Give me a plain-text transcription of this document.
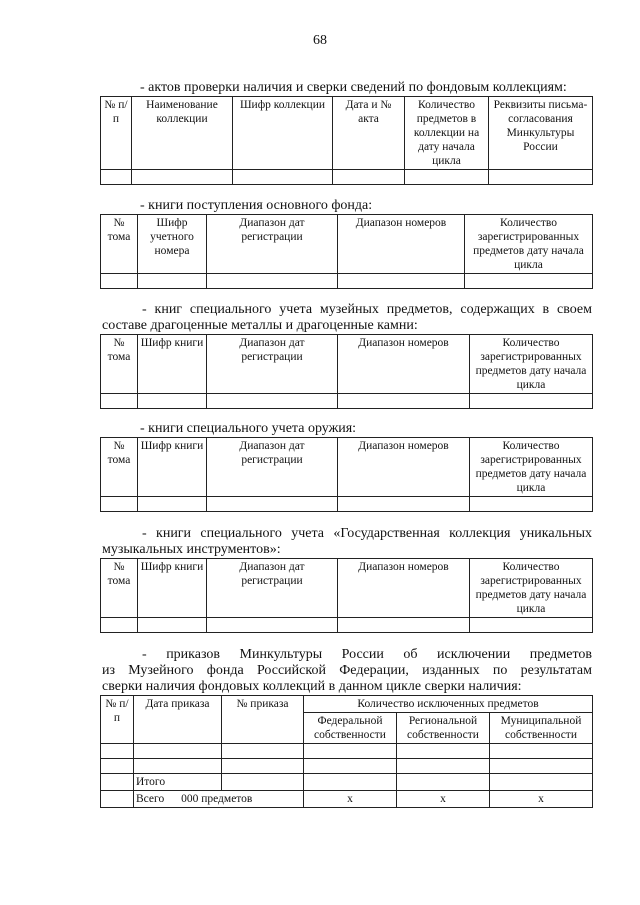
68
- актов проверки наличия и сверки сведений по фондовым коллекциям:
№ п/п	Наименование коллекции	Шифр коллекции	Дата и № акта	Количество предметов в коллекции на дату начала цикла	Реквизиты письма-согласования Минкультуры России

- книги поступления основного фонда:
№ тома	Шифр учетного номера	Диапазон дат регистрации	Диапазон номеров	Количество зарегистрированных предметов дату начала цикла

- книг специального учета музейных предметов, содержащих в своем
составе драгоценные металлы и драгоценные камни:
№ тома	Шифр книги	Диапазон дат регистрации	Диапазон номеров	Количество зарегистрированных предметов дату начала цикла

- книги специального учета оружия:
№ тома	Шифр книги	Диапазон дат регистрации	Диапазон номеров	Количество зарегистрированных предметов дату начала цикла

- книги специального учета «Государственная коллекция уникальных
музыкальных инструментов»:
№ тома	Шифр книги	Диапазон дат регистрации	Диапазон номеров	Количество зарегистрированных предметов дату начала цикла

- приказов Минкультуры России об исключении предметов
из Музейного фонда Российской Федерации, изданных по результатам
сверки наличия фондовых коллекций в данном цикле сверки наличия:
№ п/п	Дата приказа	№ приказа	Количество исключенных предметов		
			Федеральной собственности	Региональной собственности	Муниципальной собственности

	Итого				
	Всего 000 предметов		x	x	x
